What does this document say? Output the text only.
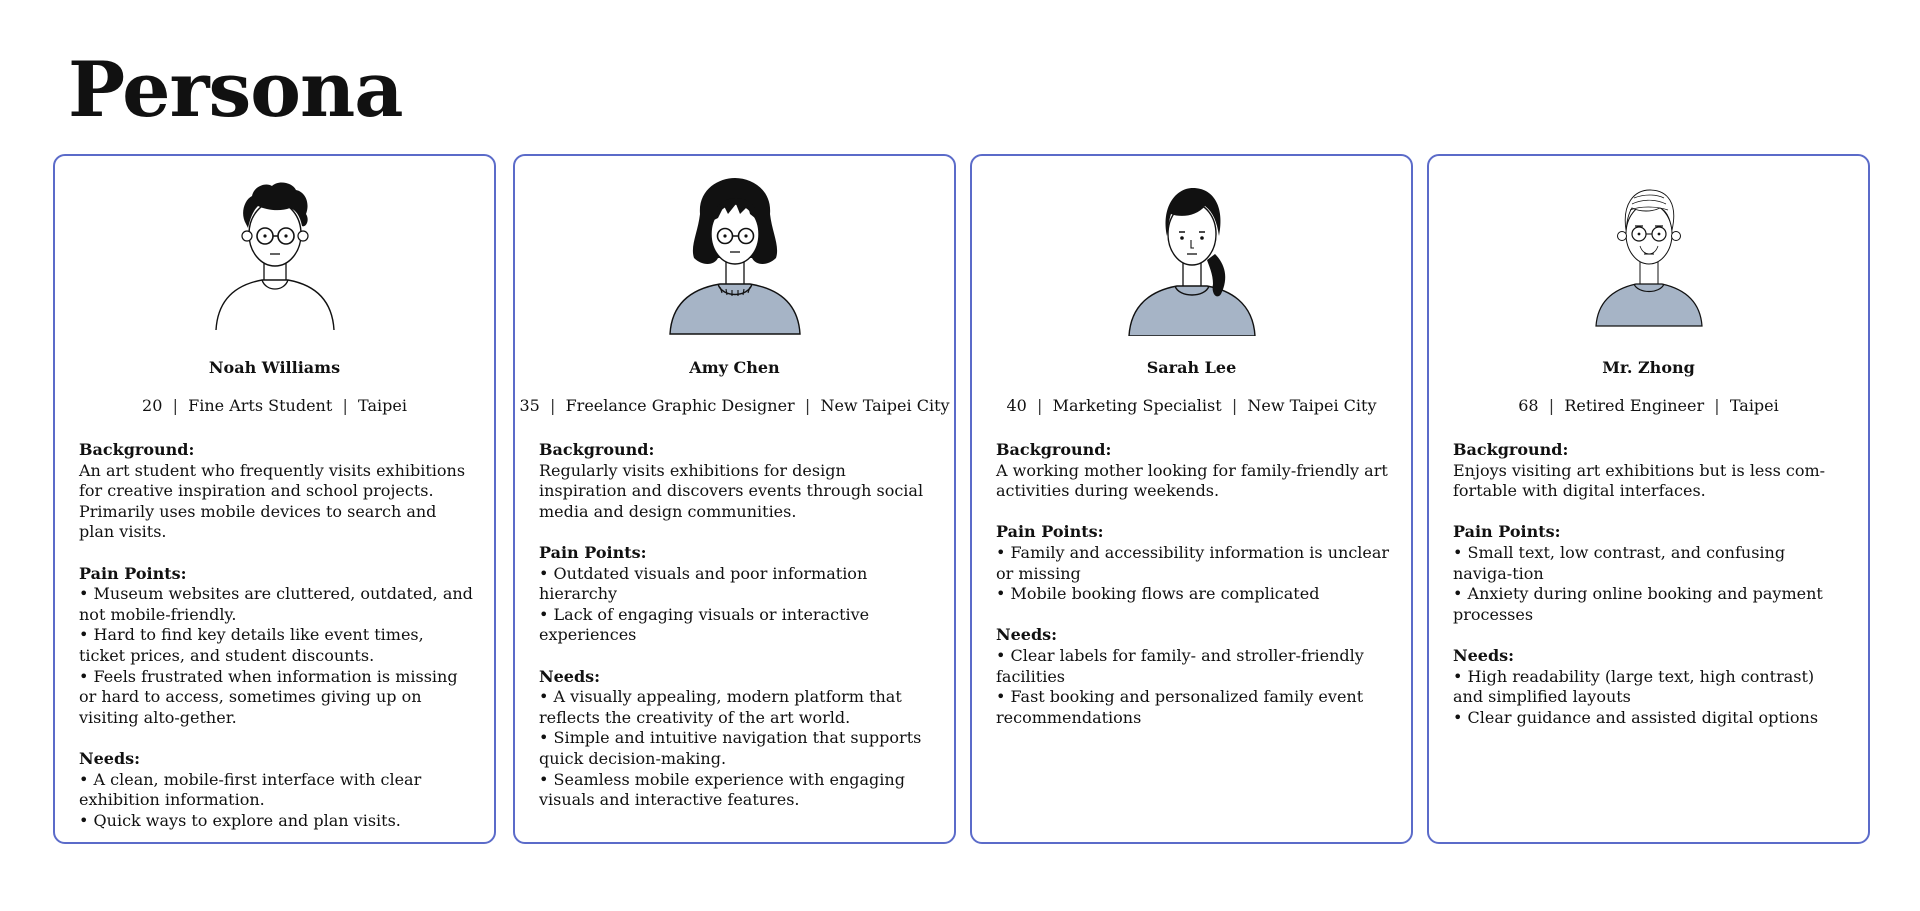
Persona
Noah Williams
20  |  Fine Arts Student  |  Taipei
Background:

An art student who frequently visits exhibitions for creative inspiration and school projects. Primarily uses mobile devices to search and plan visits.

Pain Points:

• Museum websites are cluttered, outdated, and not mobile-friendly.

• Hard to find key details like event times, ticket prices, and student discounts.

• Feels frustrated when information is missing or hard to access, sometimes giving up on visiting alto-gether.

Needs:

• A clean, mobile-first interface with clear exhibition information.

• Quick ways to explore and plan visits.

Amy Chen
35  |  Freelance Graphic Designer  |  New Taipei City
Background:

Regularly visits exhibitions for design inspiration and discovers events through social media and design communities.

Pain Points:

• Outdated visuals and poor information hierarchy

• Lack of engaging visuals or interactive experiences

Needs:

• A visually appealing, modern platform that reflects the creativity of the art world.

• Simple and intuitive navigation that supports quick decision-making.

• Seamless mobile experience with engaging visuals and interactive features.

Sarah Lee
40  |  Marketing Specialist  |  New Taipei City
Background:

A working mother looking for family-friendly art activities during weekends.

Pain Points:

• Family and accessibility information is unclear or missing

• Mobile booking flows are complicated

Needs:

• Clear labels for family- and stroller-friendly facilities

• Fast booking and personalized family event recommendations

Mr. Zhong
68  |  Retired Engineer  |  Taipei
Background:

Enjoys visiting art exhibitions but is less com-fortable with digital interfaces.

Pain Points:

• Small text, low contrast, and confusing naviga-tion

• Anxiety during online booking and payment processes

Needs:

• High readability (large text, high contrast) and simplified layouts

• Clear guidance and assisted digital options
